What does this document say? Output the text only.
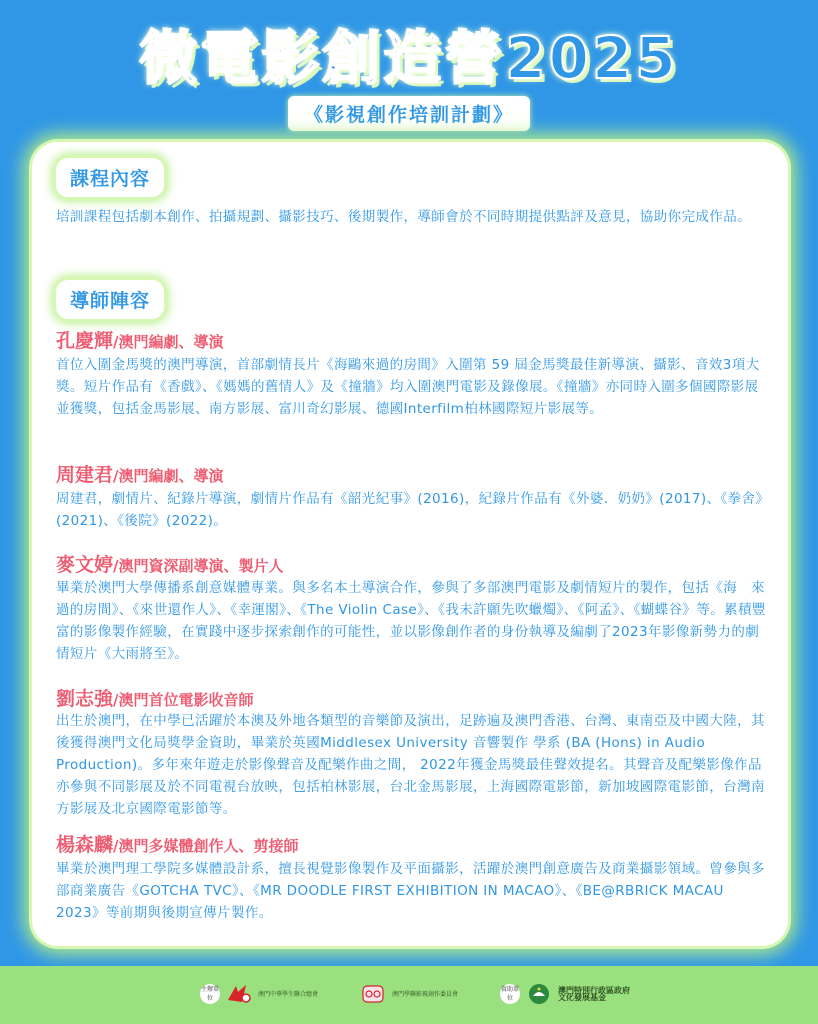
微電影創造營2025
《影視創作培訓計劃》
課程內容
培訓課程包括劇本創作、拍攝規劃、攝影技巧、後期製作，導師會於不同時期提供點評及意見，協助你完成作品。
導師陣容
孔慶輝/澳門編劇、導演
首位入圍金馬獎的澳門導演，首部劇情長片《海鷗來過的房間》入圍第 59 屆金馬獎最佳新導演、攝影、音效3項大獎。短片作品有《香戲》、《媽媽的舊情人》及《撞牆》均入圍澳門電影及錄像展。《撞牆》亦同時入圍多個國際影展並獲獎，包括金馬影展、南方影展、富川奇幻影展、德國Interfilm柏林國際短片影展等。
周建君/澳門編劇、導演
周建君，劇情片、紀錄片導演，劇情片作品有《韶光紀事》(2016)，紀錄片作品有《外婆．奶奶》(2017)、《拳舍》(2021)、《後院》(2022)。
麥文婷/澳門資深副導演、製片人
畢業於澳門大學傳播系創意媒體專業。與多名本土導演合作，參與了多部澳門電影及劇情短片的製作，包括《海　來過的房間》、《來世還作人》、《幸運閣》、《The Violin Case》、《我未許願先吹蠟燭》、《阿孟》、《蝴蝶谷》等。累積豐富的影像製作經驗，在實踐中逐步探索創作的可能性，並以影像創作者的身份執導及編劇了2023年影像新勢力的劇情短片《大雨將至》。
劉志強/澳門首位電影收音師
出生於澳門，在中學已活躍於本澳及外地各類型的音樂節及演出，足跡遍及澳門香港、台灣、東南亞及中國大陸，其後獲得澳門文化局獎學金資助，畢業於英國Middlesex University 音響製作 學系 (BA (Hons) in Audio Production)。多年來年遊走於影像聲音及配樂作曲之間， 2022年獲金馬獎最佳聲效提名。其聲音及配樂影像作品亦參與不同影展及於不同電視台放映，包括柏林影展，台北金馬影展，上海國際電影節，新加坡國際電影節，台灣南方影展及北京國際電影節等。
楊森麟/澳門多媒體創作人、剪接師
畢業於澳門理工學院多媒體設計系，擅長視覺影像製作及平面攝影，活躍於澳門創意廣告及商業攝影領域。曾參與多部商業廣告《GOTCHA TVC》、《MR DOODLE FIRST EXHIBITION IN MACAO》、《BE@RBRICK MACAU 2023》等前期與後期宣傳片製作。
主辦單位
澳門中華學生聯合總會	澳門學聯影視創作委員會
資助單位
澳門特別行政區政府
文化發展基金
